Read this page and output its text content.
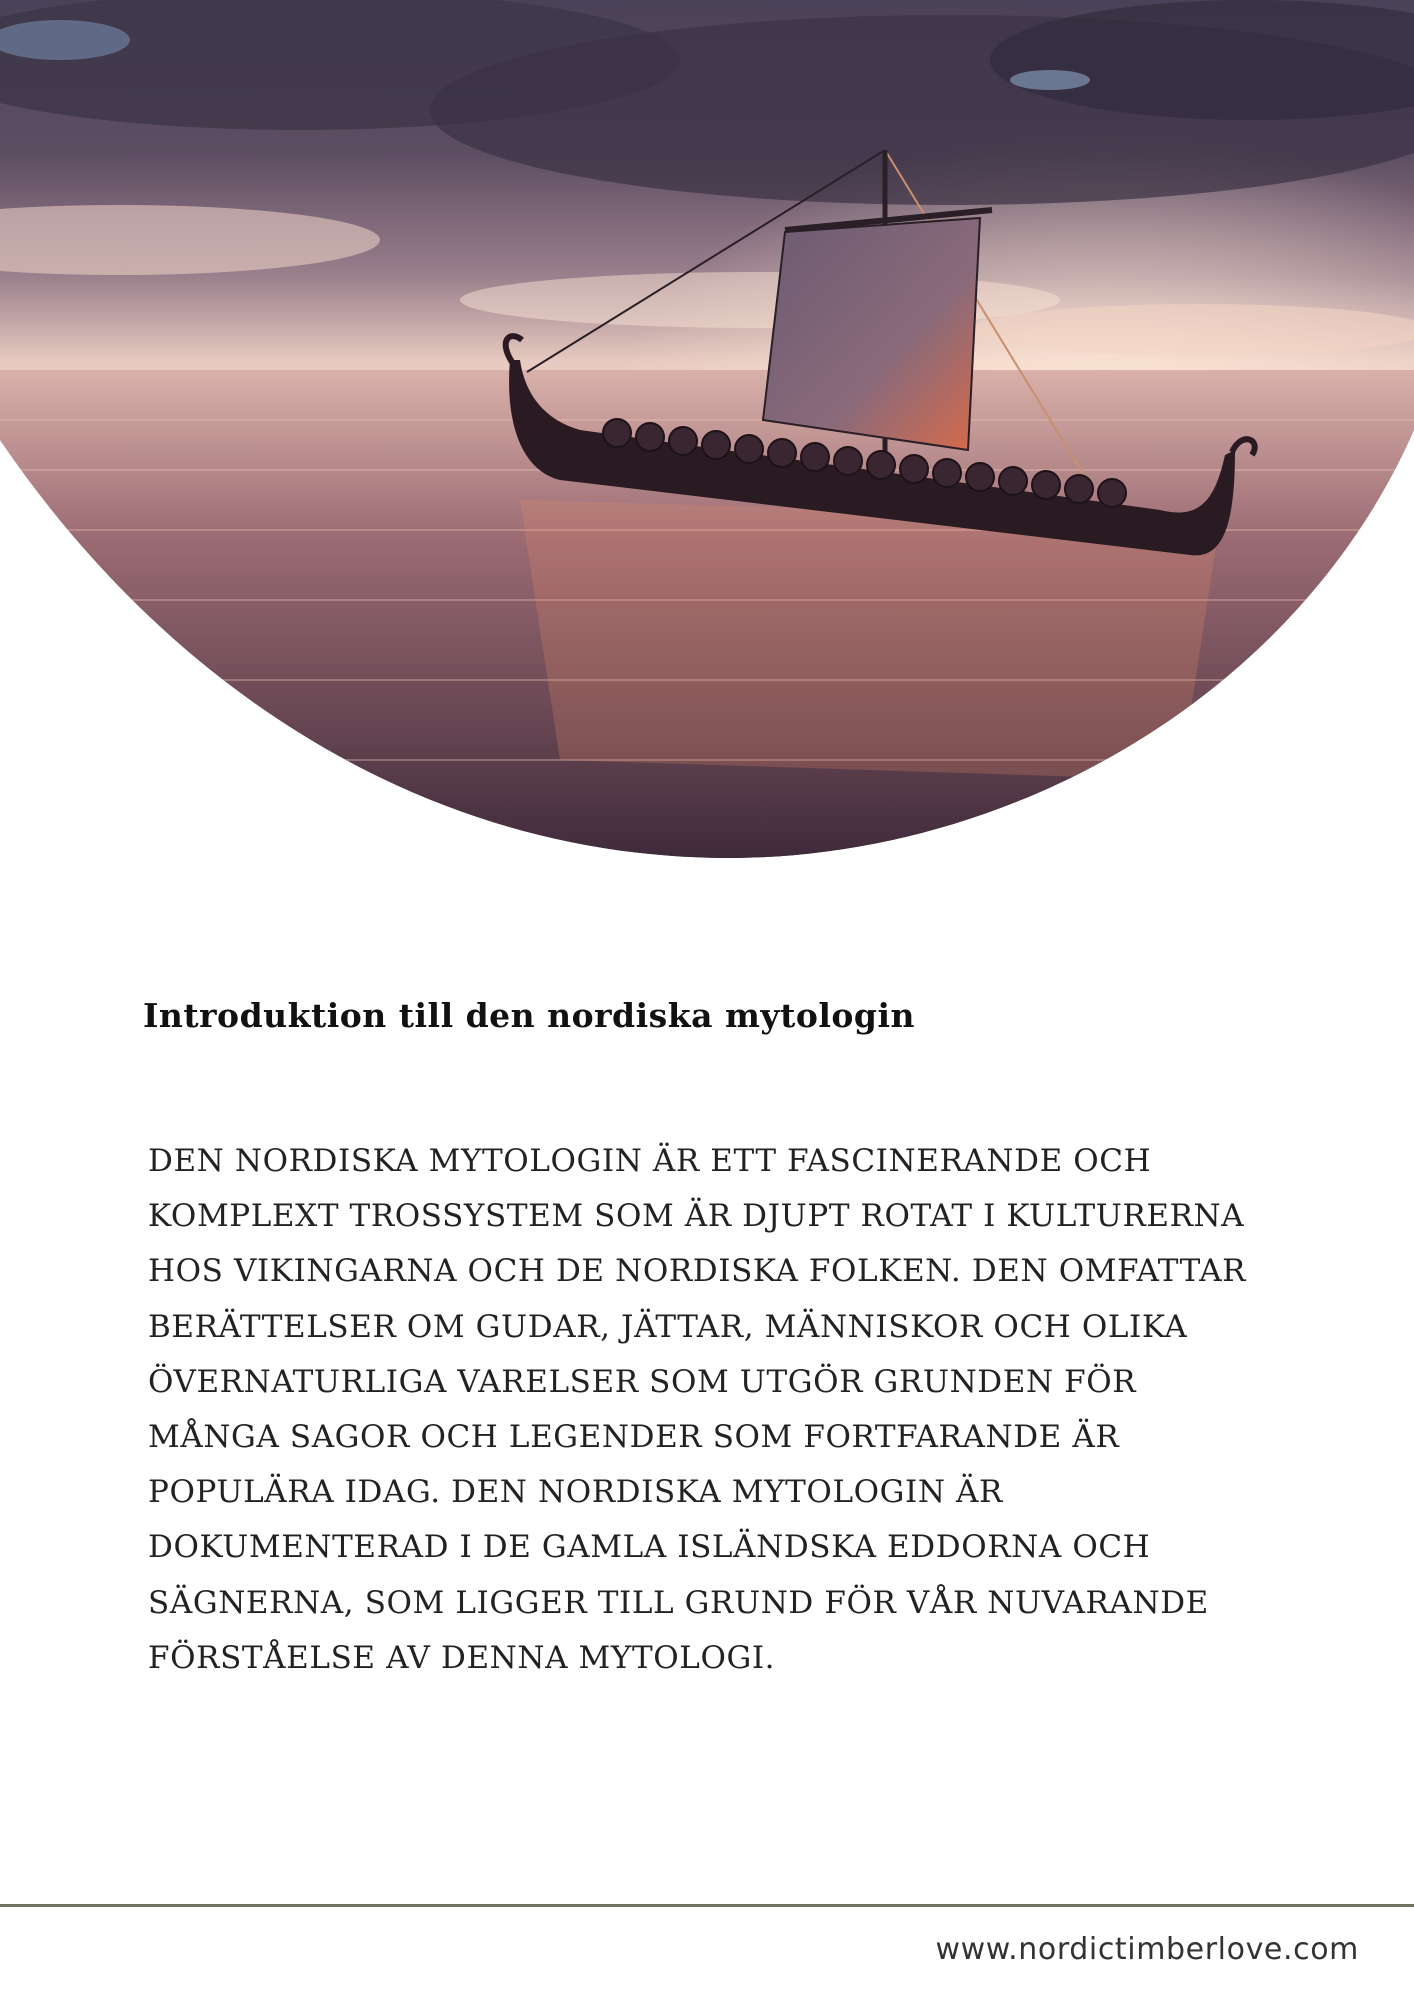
Introduktion till den nordiska mytologin

DEN NORDISKA MYTOLOGIN ÄR ETT FASCINERANDE OCH KOMPLEXT TROSSYSTEM SOM ÄR DJUPT ROTAT I KULTURERNA HOS VIKINGARNA OCH DE NORDISKA FOLKEN. DEN OMFATTAR BERÄTTELSER OM GUDAR, JÄTTAR, MÄNNISKOR OCH OLIKA ÖVERNATURLIGA VARELSER SOM UTGÖR GRUNDEN FÖR MÅNGA SAGOR OCH LEGENDER SOM FORTFARANDE ÄR POPULÄRA IDAG. DEN NORDISKA MYTOLOGIN ÄR DOKUMENTERAD I DE GAMLA ISLÄNDSKA EDDORNA OCH SÄGNERNA, SOM LIGGER TILL GRUND FÖR VÅR NUVARANDE FÖRSTÅELSE AV DENNA MYTOLOGI.

www.nordictimberlove.com
